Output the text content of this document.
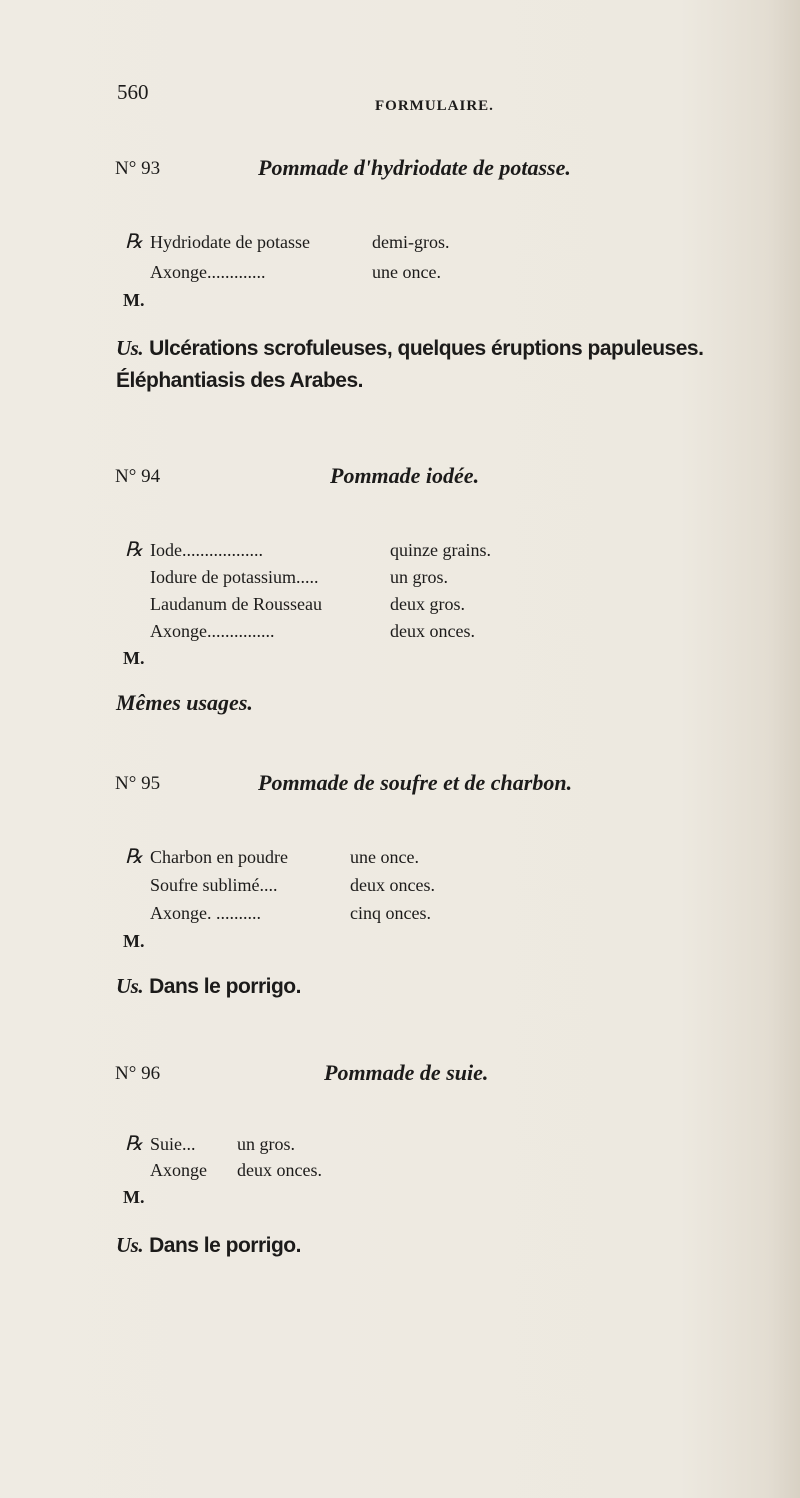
560
FORMULAIRE.
N° 93	Pommade d'hydriodate de potasse.
℞ Hydriodate de potasse	demi-gros.
Axonge.............	une once.
M.
Us. Ulcérations scrofuleuses, quelques éruptions papuleuses.
Éléphantiasis des Arabes.
N° 94	Pommade iodée.
℞ Iode..................	quinze grains.
Iodure de potassium.....	un gros.
Laudanum de Rousseau	deux gros.
Axonge...............	deux onces.
M.
Mêmes usages.
N° 95	Pommade de soufre et de charbon.
℞ Charbon en poudre	une once.
Soufre sublimé....	deux onces.
Axonge. ..........	cinq onces.
M.
Us. Dans le porrigo.
N° 96	Pommade de suie.
℞ Suie... un gros.
Axonge deux onces.
M.
Us. Dans le porrigo.
